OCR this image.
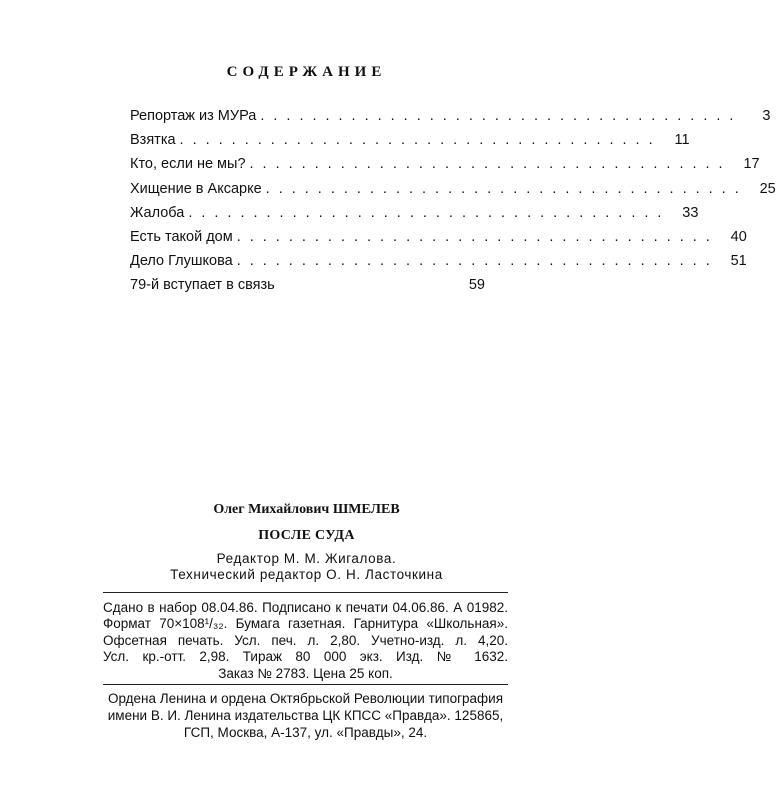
СОДЕРЖАНИЕ
Репортаж из МУРа .....................................	3
Взятка ..................................... 11
Кто, если не мы? ..................................... 17
Хищение в Аксарке ..................................... 25
Жалоба ..................................... 33
Есть такой дом ..................................... 40
Дело Глушкова ..................................... 51
79-й вступает в связь	59
Олег Михайлович ШМЕЛЕВ
ПОСЛЕ СУДА
Редактор М. М. Жигалова.
Технический редактор О. Н. Ласточкина
Сдано в набор 08.04.86. Подписано к печати 04.06.86. А 01982.
Формат 70×108¹/₃₂. Бумага газетная. Гарнитура «Школьная».
Офсетная печать. Усл. печ. л. 2,80. Учетно-изд. л. 4,20.
Усл. кр.-отт. 2,98. Тираж 80 000 экз. Изд. № 1632.
Заказ № 2783. Цена 25 коп.
Ордена Ленина и ордена Октябрьской Революции типография
имени В. И. Ленина издательства ЦК КПСС «Правда». 125865,
ГСП, Москва, А-137, ул. «Правды», 24.
